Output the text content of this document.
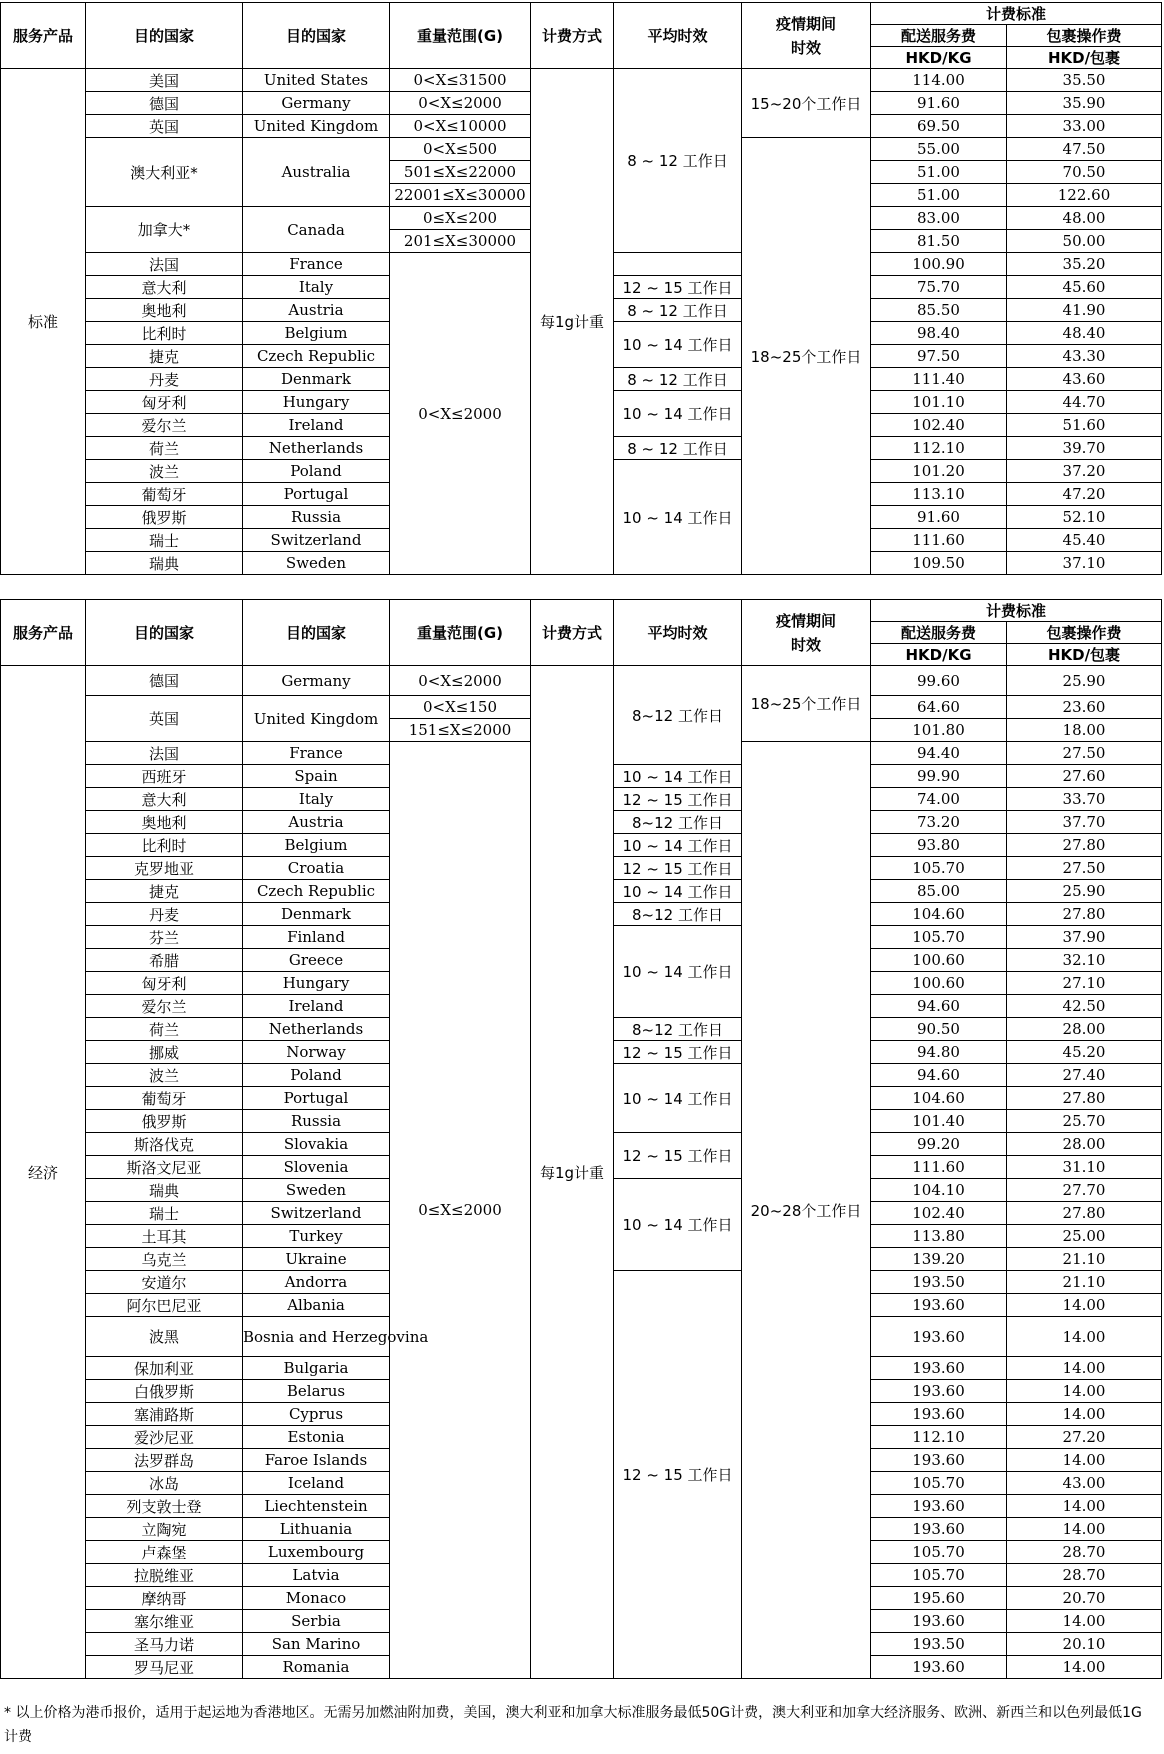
服务产品	目的国家	目的国家	重量范围(G)	计费方式	平均时效	疫情期间时效	计费标准	
							配送服务费	包裹操作费
							HKD/KG	HKD/包裹
标准	美国	United States	0<X≤31500	每1g计重	8 ~ 12 工作日	15~20个工作日	114.00	35.50
	德国	Germany	0<X≤2000				91.60	35.90
	英国	United Kingdom	0<X≤10000				69.50	33.00
	澳大利亚*	Australia	0<X≤500			18~25个工作日	55.00	47.50
			501≤X≤22000				51.00	70.50
			22001≤X≤30000				51.00	122.60
	加拿大*	Canada	0≤X≤200				83.00	48.00
			201≤X≤30000				81.50	50.00
	法国	France	0<X≤2000				100.90	35.20
	意大利	Italy			12 ~ 15 工作日		75.70	45.60
	奥地利	Austria			8 ~ 12 工作日		85.50	41.90
	比利时	Belgium			10 ~ 14 工作日		98.40	48.40
	捷克	Czech Republic					97.50	43.30
	丹麦	Denmark			8 ~ 12 工作日		111.40	43.60
	匈牙利	Hungary			10 ~ 14 工作日		101.10	44.70
	爱尔兰	Ireland					102.40	51.60
	荷兰	Netherlands			8 ~ 12 工作日		112.10	39.70
	波兰	Poland			10 ~ 14 工作日		101.20	37.20
	葡萄牙	Portugal					113.10	47.20
	俄罗斯	Russia					91.60	52.10
	瑞士	Switzerland					111.60	45.40
	瑞典	Sweden					109.50	37.10
服务产品	目的国家	目的国家	重量范围(G)	计费方式	平均时效	疫情期间时效	计费标准	
							配送服务费	包裹操作费
							HKD/KG	HKD/包裹
经济	德国	Germany	0<X≤2000	每1g计重	8~12 工作日	18~25个工作日	99.60	25.90
	英国	United Kingdom	0<X≤150				64.60	23.60
			151≤X≤2000				101.80	18.00
	法国	France	0≤X≤2000			20~28个工作日	94.40	27.50
	西班牙	Spain			10 ~ 14 工作日		99.90	27.60
	意大利	Italy			12 ~ 15 工作日		74.00	33.70
	奥地利	Austria			8~12 工作日		73.20	37.70
	比利时	Belgium			10 ~ 14 工作日		93.80	27.80
	克罗地亚	Croatia			12 ~ 15 工作日		105.70	27.50
	捷克	Czech Republic			10 ~ 14 工作日		85.00	25.90
	丹麦	Denmark			8~12 工作日		104.60	27.80
	芬兰	Finland			10 ~ 14 工作日		105.70	37.90
	希腊	Greece					100.60	32.10
	匈牙利	Hungary					100.60	27.10
	爱尔兰	Ireland					94.60	42.50
	荷兰	Netherlands			8~12 工作日		90.50	28.00
	挪威	Norway			12 ~ 15 工作日		94.80	45.20
	波兰	Poland			10 ~ 14 工作日		94.60	27.40
	葡萄牙	Portugal					104.60	27.80
	俄罗斯	Russia					101.40	25.70
	斯洛伐克	Slovakia			12 ~ 15 工作日		99.20	28.00
	斯洛文尼亚	Slovenia					111.60	31.10
	瑞典	Sweden			10 ~ 14 工作日		104.10	27.70
	瑞士	Switzerland					102.40	27.80
	土耳其	Turkey					113.80	25.00
	乌克兰	Ukraine					139.20	21.10
	安道尔	Andorra			12 ~ 15 工作日		193.50	21.10
	阿尔巴尼亚	Albania					193.60	14.00
	波黑	Bosnia and Herzegovina					193.60	14.00
	保加利亚	Bulgaria					193.60	14.00
	白俄罗斯	Belarus					193.60	14.00
	塞浦路斯	Cyprus					193.60	14.00
	爱沙尼亚	Estonia					112.10	27.20
	法罗群岛	Faroe Islands					193.60	14.00
	冰岛	Iceland					105.70	43.00
	列支敦士登	Liechtenstein					193.60	14.00
	立陶宛	Lithuania					193.60	14.00
	卢森堡	Luxembourg					105.70	28.70
	拉脱维亚	Latvia					105.70	28.70
	摩纳哥	Monaco					195.60	20.70
	塞尔维亚	Serbia					193.60	14.00
	圣马力诺	San Marino					193.50	20.10
	罗马尼亚	Romania					193.60	14.00
* 以上价格为港币报价，适用于起运地为香港地区。无需另加燃油附加费，美国，澳大利亚和加拿大标准服务最低50G计费，澳大利亚和加拿大经济服务、欧洲、新西兰和以色列最低1G计费
